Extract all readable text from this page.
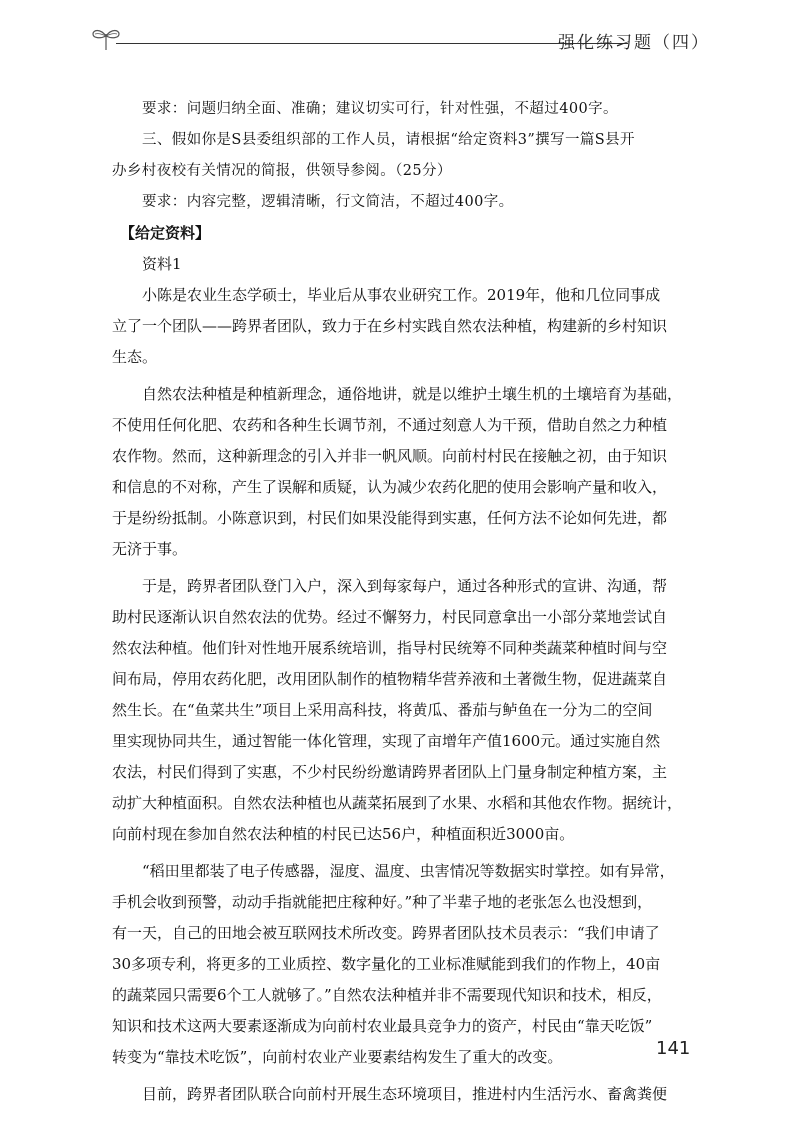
强化练习题（四）
要求：问题归纳全面、准确；建议切实可行，针对性强，不超过400字。
三、假如你是S县委组织部的工作人员，请根据“给定资料3”撰写一篇S县开
办乡村夜校有关情况的简报，供领导参阅。（25分）
要求：内容完整，逻辑清晰，行文简洁，不超过400字。
【给定资料】
资料1
小陈是农业生态学硕士，毕业后从事农业研究工作。2019年，他和几位同事成
立了一个团队——跨界者团队，致力于在乡村实践自然农法种植，构建新的乡村知识
生态。
自然农法种植是种植新理念，通俗地讲，就是以维护土壤生机的土壤培育为基础，
不使用任何化肥、农药和各种生长调节剂，不通过刻意人为干预，借助自然之力种植
农作物。然而，这种新理念的引入并非一帆风顺。向前村村民在接触之初，由于知识
和信息的不对称，产生了误解和质疑，认为减少农药化肥的使用会影响产量和收入，
于是纷纷抵制。小陈意识到，村民们如果没能得到实惠，任何方法不论如何先进，都
无济于事。
于是，跨界者团队登门入户，深入到每家每户，通过各种形式的宣讲、沟通，帮
助村民逐渐认识自然农法的优势。经过不懈努力，村民同意拿出一小部分菜地尝试自
然农法种植。他们针对性地开展系统培训，指导村民统筹不同种类蔬菜种植时间与空
间布局，停用农药化肥，改用团队制作的植物精华营养液和土著微生物，促进蔬菜自
然生长。在“鱼菜共生”项目上采用高科技，将黄瓜、番茄与鲈鱼在一分为二的空间
里实现协同共生，通过智能一体化管理，实现了亩增年产值1600元。通过实施自然
农法，村民们得到了实惠，不少村民纷纷邀请跨界者团队上门量身制定种植方案，主
动扩大种植面积。自然农法种植也从蔬菜拓展到了水果、水稻和其他农作物。据统计，
向前村现在参加自然农法种植的村民已达56户，种植面积近3000亩。
“稻田里都装了电子传感器，湿度、温度、虫害情况等数据实时掌控。如有异常，
手机会收到预警，动动手指就能把庄稼种好。”种了半辈子地的老张怎么也没想到，
有一天，自己的田地会被互联网技术所改变。跨界者团队技术员表示：“我们申请了
30多项专利，将更多的工业质控、数字量化的工业标准赋能到我们的作物上，40亩
的蔬菜园只需要6个工人就够了。”自然农法种植并非不需要现代知识和技术，相反，
知识和技术这两大要素逐渐成为向前村农业最具竞争力的资产，村民由“靠天吃饭”
转变为“靠技术吃饭”，向前村农业产业要素结构发生了重大的改变。
目前，跨界者团队联合向前村开展生态环境项目，推进村内生活污水、畜禽粪便
141
